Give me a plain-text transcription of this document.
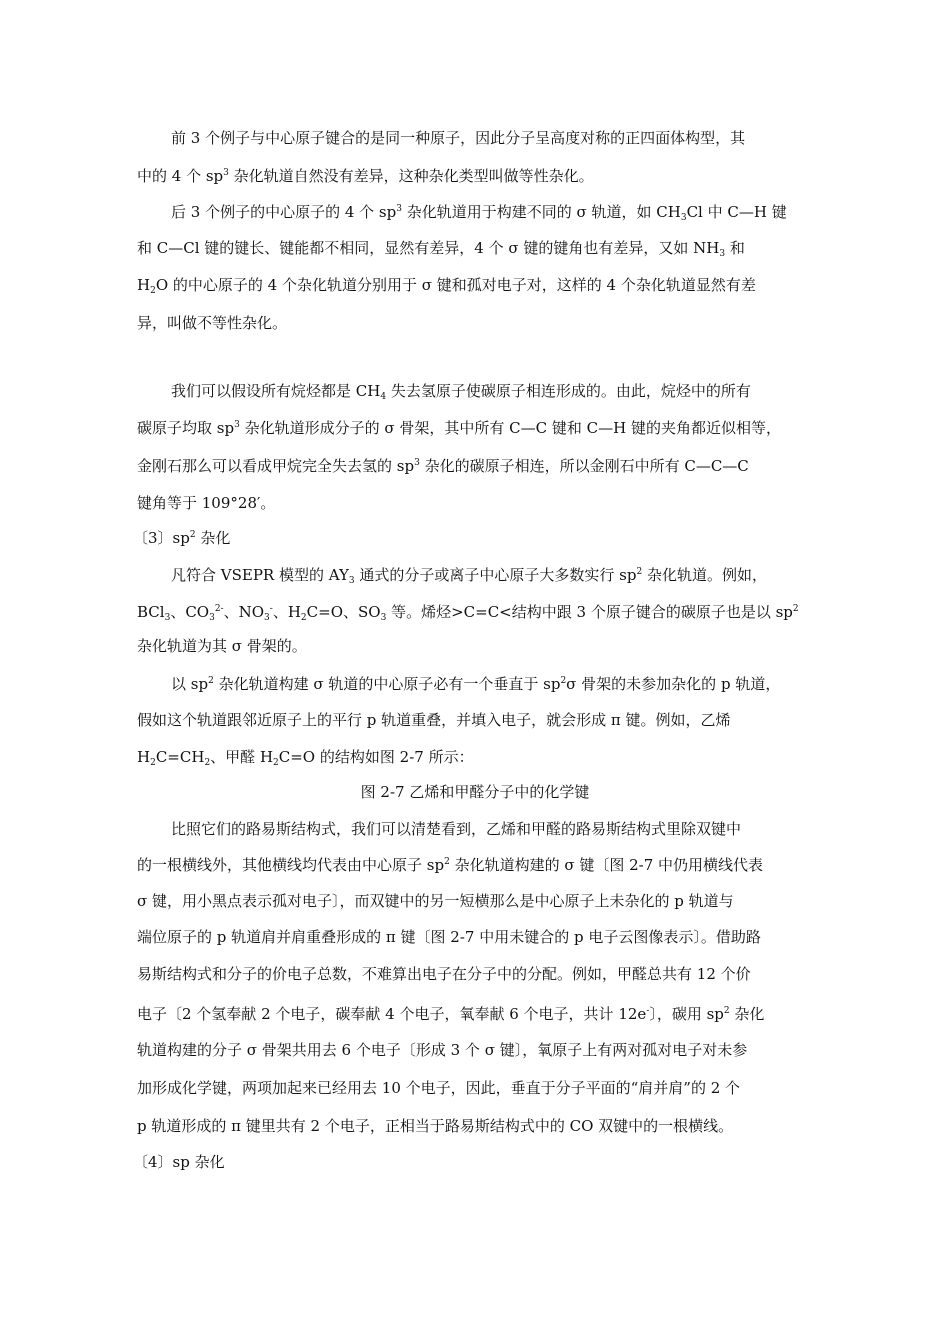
前 3 个例子与中心原子键合的是同一种原子，因此分子呈高度对称的正四面体构型，其
中的 4 个 $sp^3$ 杂化轨道自然没有差异，这种杂化类型叫做等性杂化。
后 3 个例子的中心原子的 4 个 $sp^3$ 杂化轨道用于构建不同的 σ 轨道，如 $CH_3Cl$ 中 C—H 键
和 C—Cl 键的键长、键能都不相同，显然有差异，4 个 σ 键的键角也有差异，又如 $NH_3$ 和
$H_2O$ 的中心原子的 4 个杂化轨道分别用于 σ 键和孤对电子对，这样的 4 个杂化轨道显然有差
异，叫做不等性杂化。
我们可以假设所有烷烃都是 $CH_4$ 失去氢原子使碳原子相连形成的。由此，烷烃中的所有
碳原子均取 $sp^3$ 杂化轨道形成分子的 σ 骨架，其中所有 C—C 键和 C—H 键的夹角都近似相等，
金刚石那么可以看成甲烷完全失去氢的 $sp^3$ 杂化的碳原子相连，所以金刚石中所有 C—C—C
键角等于 109°28′。
〔3〕$sp^2$ 杂化
凡符合 VSEPR 模型的 $AY_3$ 通式的分子或离子中心原子大多数实行 $sp^2$ 杂化轨道。例如，
BCl$_3$、$CO_3^{2-}$、$NO_3^-$、$H_2C=O$、$SO_3$ 等。烯烃>C=C<结构中跟 3 个原子键合的碳原子也是以 $sp^2$
杂化轨道为其 σ 骨架的。
以 $sp^2$ 杂化轨道构建 σ 轨道的中心原子必有一个垂直于 $sp^2\sigma$ 骨架的未参加杂化的 p 轨道，
假如这个轨道跟邻近原子上的平行 p 轨道重叠，并填入电子，就会形成 π 键。例如，乙烯
$H_2C=CH_2$、甲醛 $H_2C=O$ 的结构如图 2-7 所示：
图 2-7 乙烯和甲醛分子中的化学键
比照它们的路易斯结构式，我们可以清楚看到，乙烯和甲醛的路易斯结构式里除双键中
的一根横线外，其他横线均代表由中心原子 $sp^2$ 杂化轨道构建的 σ 键〔图 2-7 中仍用横线代表
σ 键，用小黑点表示孤对电子〕，而双键中的另一短横那么是中心原子上未杂化的 p 轨道与
端位原子的 p 轨道肩并肩重叠形成的 π 键〔图 2-7 中用未键合的 p 电子云图像表示〕。借助路
易斯结构式和分子的价电子总数，不难算出电子在分子中的分配。例如，甲醛总共有 12 个价
电子〔2 个氢奉献 2 个电子，碳奉献 4 个电子，氧奉献 6 个电子，共计 12e-〕，碳用 $sp^2$ 杂化
轨道构建的分子 σ 骨架共用去 6 个电子〔形成 3 个 σ 键〕，氧原子上有两对孤对电子对未参
加形成化学键，两项加起来已经用去 10 个电子，因此，垂直于分子平面的“肩并肩”的 2 个
p 轨道形成的 π 键里共有 2 个电子，正相当于路易斯结构式中的 CO 双键中的一根横线。
〔4〕sp 杂化
